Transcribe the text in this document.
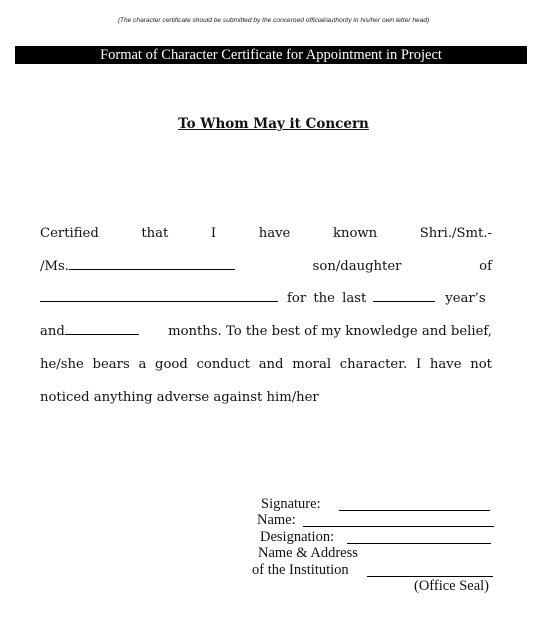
(The character certificate should be submitted by the concerned official/authority in his/her own letter head)
Format of Character Certificate for Appointment in Project
To Whom May it Concern
Certified	that	I	have	known	Shri./Smt.-
/Ms.	son/daughter	of
for the last	year’s
and	months. To the best of my knowledge and belief,
he/she bears a good conduct and moral character. I have not
noticed anything adverse against him/her
Signature:
Name:
Designation:
Name & Address
of the Institution
(Office Seal)
